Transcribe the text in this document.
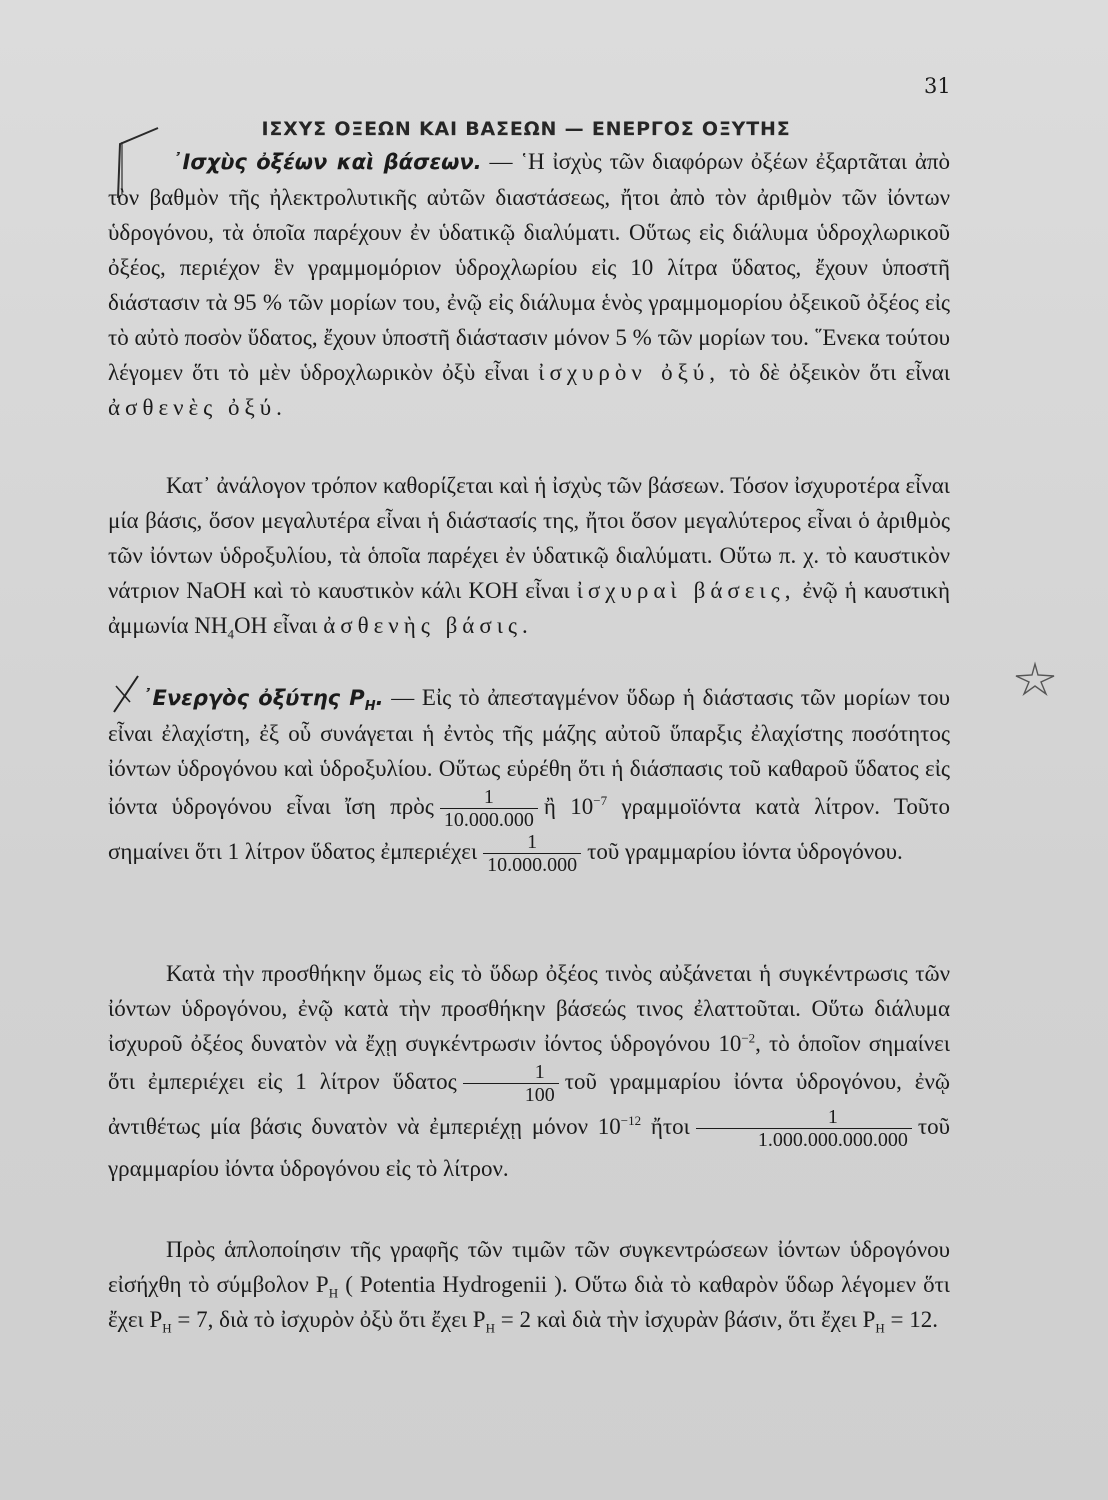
31
ΙΣΧΥΣ ΟΞΕΩΝ ΚΑΙ ΒΑΣΕΩΝ — ΕΝΕΡΓΟΣ ΟΞΥΤΗΣ
᾿Ισχὺς ὀξέων καὶ βάσεων. — ῾Η ἰσχὺς τῶν διαφόρων ὀξέων ἐξαρτᾶται ἀπὸ τὸν βαθμὸν τῆς ἠλεκτρολυτικῆς αὐτῶν διαστάσεως, ἤτοι ἀπὸ τὸν ἀριθμὸν τῶν ἰόντων ὑδρογόνου, τὰ ὁποῖα παρέχουν ἐν ὑδατικῷ διαλύματι. Οὕτως εἰς διάλυμα ὑδροχλωρικοῦ ὀξέος, περιέχον ἓν γραμμομόριον ὑδροχλωρίου εἰς 10 λίτρα ὕδατος, ἔχουν ὑποστῆ διάστασιν τὰ 95 % τῶν μορίων του, ἐνῷ εἰς διάλυμα ἑνὸς γραμμομορίου ὀξεικοῦ ὀξέος εἰς τὸ αὐτὸ ποσὸν ὕδατος, ἔχουν ὑποστῆ διάστασιν μόνον 5 % τῶν μορίων του. ῞Ενεκα τούτου λέγομεν ὅτι τὸ μὲν ὑδροχλωρικὸν ὀξὺ εἶναι ἰσχυρὸν ὀξύ, τὸ δὲ ὀξεικὸν ὅτι εἶναι ἀσθενὲς ὀξύ.
Κατ᾿ ἀνάλογον τρόπον καθορίζεται καὶ ἡ ἰσχὺς τῶν βάσεων. Τόσον ἰσχυροτέρα εἶναι μία βάσις, ὅσον μεγαλυτέρα εἶναι ἡ διάστασίς της, ἤτοι ὅσον μεγαλύτερος εἶναι ὁ ἀριθμὸς τῶν ἰόντων ὑδροξυλίου, τὰ ὁποῖα παρέχει ἐν ὑδατικῷ διαλύματι. Οὕτω π. χ. τὸ καυστικὸν νάτριον NaOH καὶ τὸ καυστικὸν κάλι KOH εἶναι ἰσχυραὶ βάσεις, ἐνῷ ἡ καυστικὴ ἀμμωνία $NH_4OH$ εἶναι ἀσθενὴς βάσις.
᾿Ενεργὸς ὀξύτης $P_H$. — Εἰς τὸ ἀπεσταγμένον ὕδωρ ἡ διάστασις τῶν μορίων του εἶναι ἐλαχίστη, ἐξ οὗ συνάγεται ἡ ἐντὸς τῆς μάζης αὐτοῦ ὕπαρξις ἐλαχίστης ποσότητος ἰόντων ὑδρογόνου καὶ ὑδροξυλίου. Οὕτως εὑρέθη ὅτι ἡ διάσπασις τοῦ καθαροῦ ὕδατος εἰς ἰόντα ὑδρογόνου εἶναι ἴση πρὸς $\frac{1}{10.000.000}$ ἢ $10^{-7}$ γραμμοϊόντα κατὰ λίτρον. Τοῦτο σημαίνει ὅτι 1 λίτρον ὕδατος ἐμπεριέχει $\frac{1}{10.000.000}$ τοῦ γραμμαρίου ἰόντα ὑδρογόνου.
Κατὰ τὴν προσθήκην ὅμως εἰς τὸ ὕδωρ ὀξέος τινὸς αὐξάνεται ἡ συγκέντρωσις τῶν ἰόντων ὑδρογόνου, ἐνῷ κατὰ τὴν προσθήκην βάσεώς τινος ἐλαττοῦται. Οὕτω διάλυμα ἰσχυροῦ ὀξέος δυνατὸν νὰ ἔχῃ συγκέντρωσιν ἰόντος ὑδρογόνου $10^{-2}$, τὸ ὁποῖον σημαίνει ὅτι ἐμπεριέχει εἰς 1 λίτρον ὕδατος $\frac{1}{100}$ τοῦ γραμμαρίου ἰόντα ὑδρογόνου, ἐνῷ ἀντιθέτως μία βάσις δυνατὸν νὰ ἐμπεριέχῃ μόνον $10^{-12}$ ἤτοι $\frac{1}{1.000.000.000.000}$ τοῦ γραμμαρίου ἰόντα ὑδρογόνου εἰς τὸ λίτρον.
Πρὸς ἁπλοποίησιν τῆς γραφῆς τῶν τιμῶν τῶν συγκεντρώσεων ἰόντων ὑδρογόνου εἰσήχθη τὸ σύμβολον $P_H$ ( Potentia Hydrogenii ). Οὕτω διὰ τὸ καθαρὸν ὕδωρ λέγομεν ὅτι ἔχει $P_H = 7$, διὰ τὸ ἰσχυρὸν ὀξὺ ὅτι ἔχει $P_H = 2$ καὶ διὰ τὴν ἰσχυρὰν βάσιν, ὅτι ἔχει $P_H = 12$.
